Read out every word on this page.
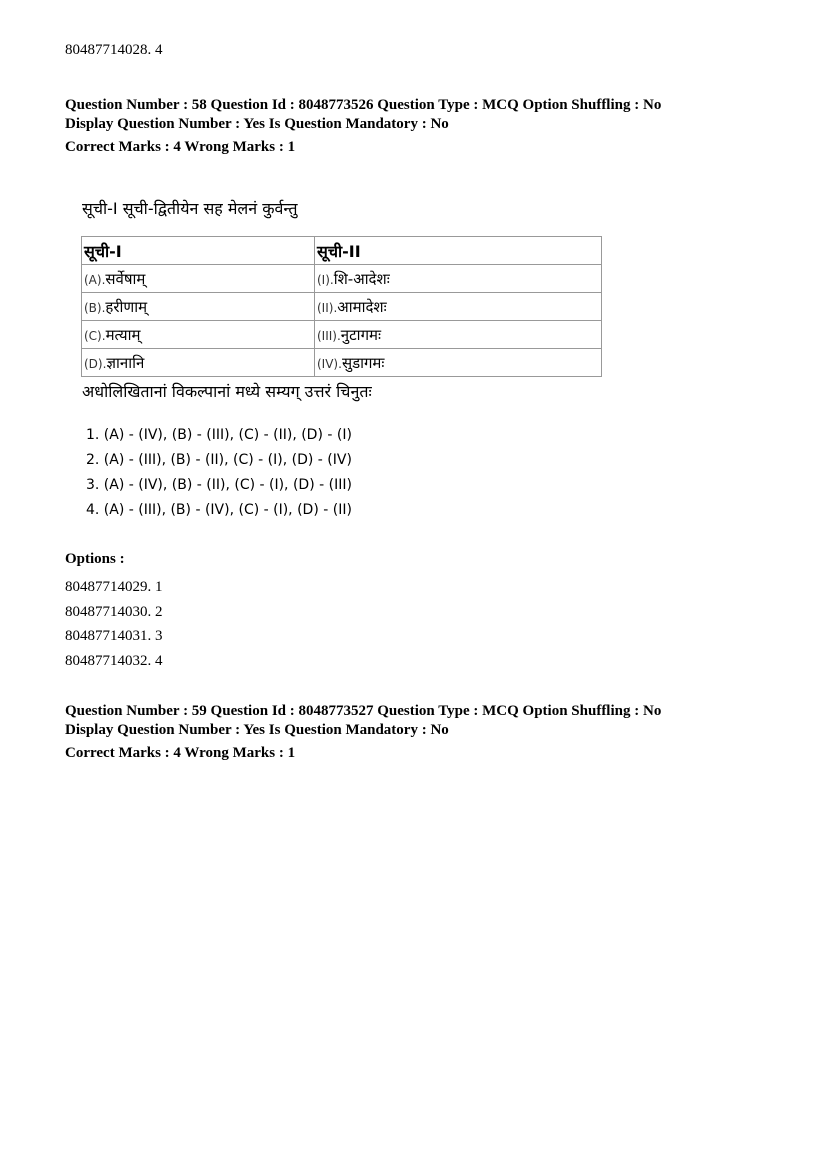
80487714028. 4
Question Number : 58 Question Id : 8048773526 Question Type : MCQ Option Shuffling : No
Display Question Number : Yes Is Question Mandatory : No
Correct Marks : 4 Wrong Marks : 1
सूची-I सूची-द्वितीयेन सह मेलनं कुर्वन्तु
सूची-I	सूची-II
(A).सर्वेषाम्	(I).शि-आदेशः
(B).हरीणाम्	(II).आमादेशः
(C).मत्याम्	(III).नुटागमः
(D).ज्ञानानि	(IV).सुडागमः
अधोलिखितानां विकल्पानां मध्ये सम्यग् उत्तरं चिनुतः
1. (A) - (IV), (B) - (III), (C) - (II), (D) - (I)
2. (A) - (III), (B) - (II), (C) - (I), (D) - (IV)
3. (A) - (IV), (B) - (II), (C) - (I), (D) - (III)
4. (A) - (III), (B) - (IV), (C) - (I), (D) - (II)
Options :
80487714029. 1
80487714030. 2
80487714031. 3
80487714032. 4
Question Number : 59 Question Id : 8048773527 Question Type : MCQ Option Shuffling : No
Display Question Number : Yes Is Question Mandatory : No
Correct Marks : 4 Wrong Marks : 1
